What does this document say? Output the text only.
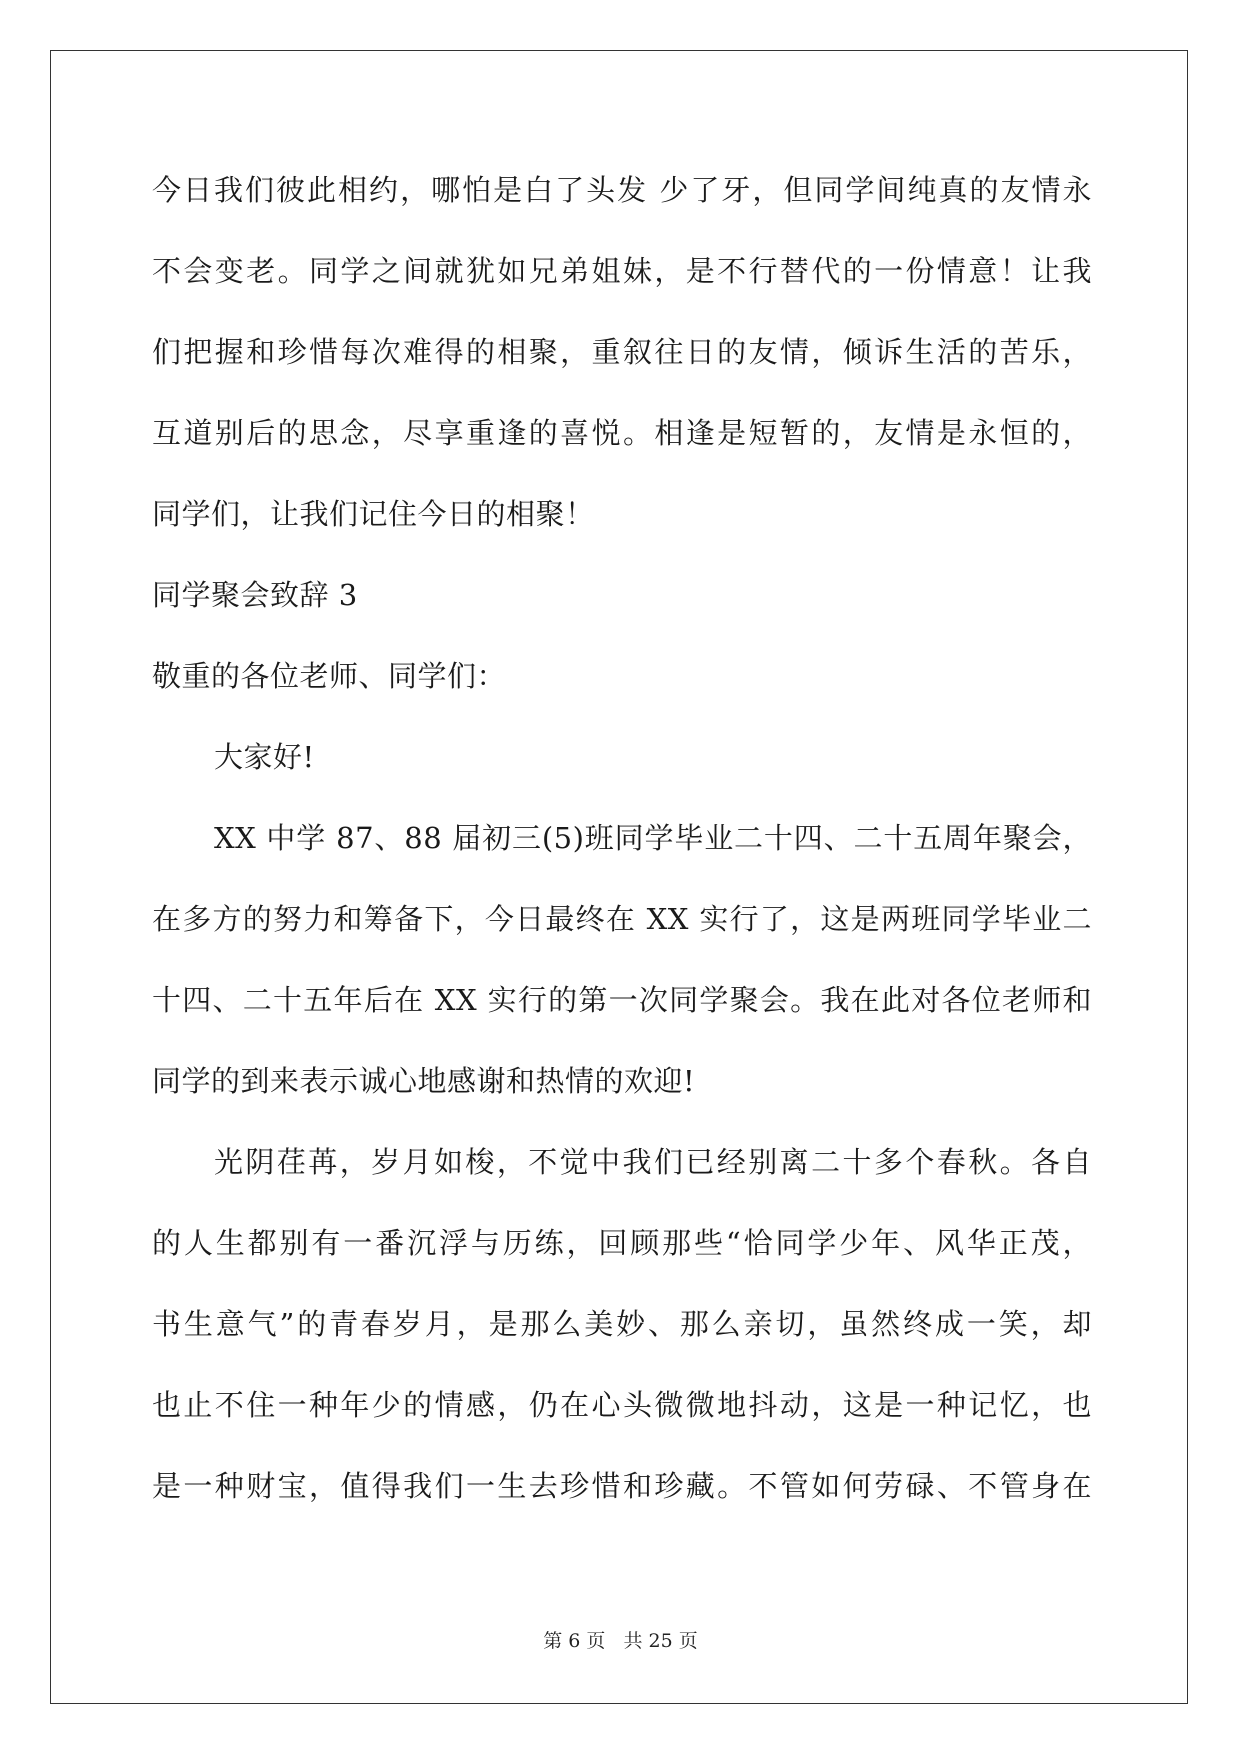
今日我们彼此相约，哪怕是白了头发 少了牙，但同学间纯真的友情永
不会变老。同学之间就犹如兄弟姐妹，是不行替代的一份情意！让我
们把握和珍惜每次难得的相聚，重叙往日的友情，倾诉生活的苦乐，
互道别后的思念，尽享重逢的喜悦。相逢是短暂的，友情是永恒的，
同学们，让我们记住今日的相聚！
同学聚会致辞 3
敬重的各位老师、同学们：
大家好!
XX 中学 87、88 届初三(5)班同学毕业二十四、二十五周年聚会，
在多方的努力和筹备下，今日最终在 XX 实行了，这是两班同学毕业二
十四、二十五年后在 XX 实行的第一次同学聚会。我在此对各位老师和
同学的到来表示诚心地感谢和热情的欢迎!
光阴荏苒，岁月如梭，不觉中我们已经别离二十多个春秋。各自
的人生都别有一番沉浮与历练，回顾那些“恰同学少年、风华正茂，
书生意气”的青春岁月，是那么美妙、那么亲切，虽然终成一笑，却
也止不住一种年少的情感，仍在心头微微地抖动，这是一种记忆，也
是一种财宝，值得我们一生去珍惜和珍藏。不管如何劳碌、不管身在
第 6 页 共 25 页
